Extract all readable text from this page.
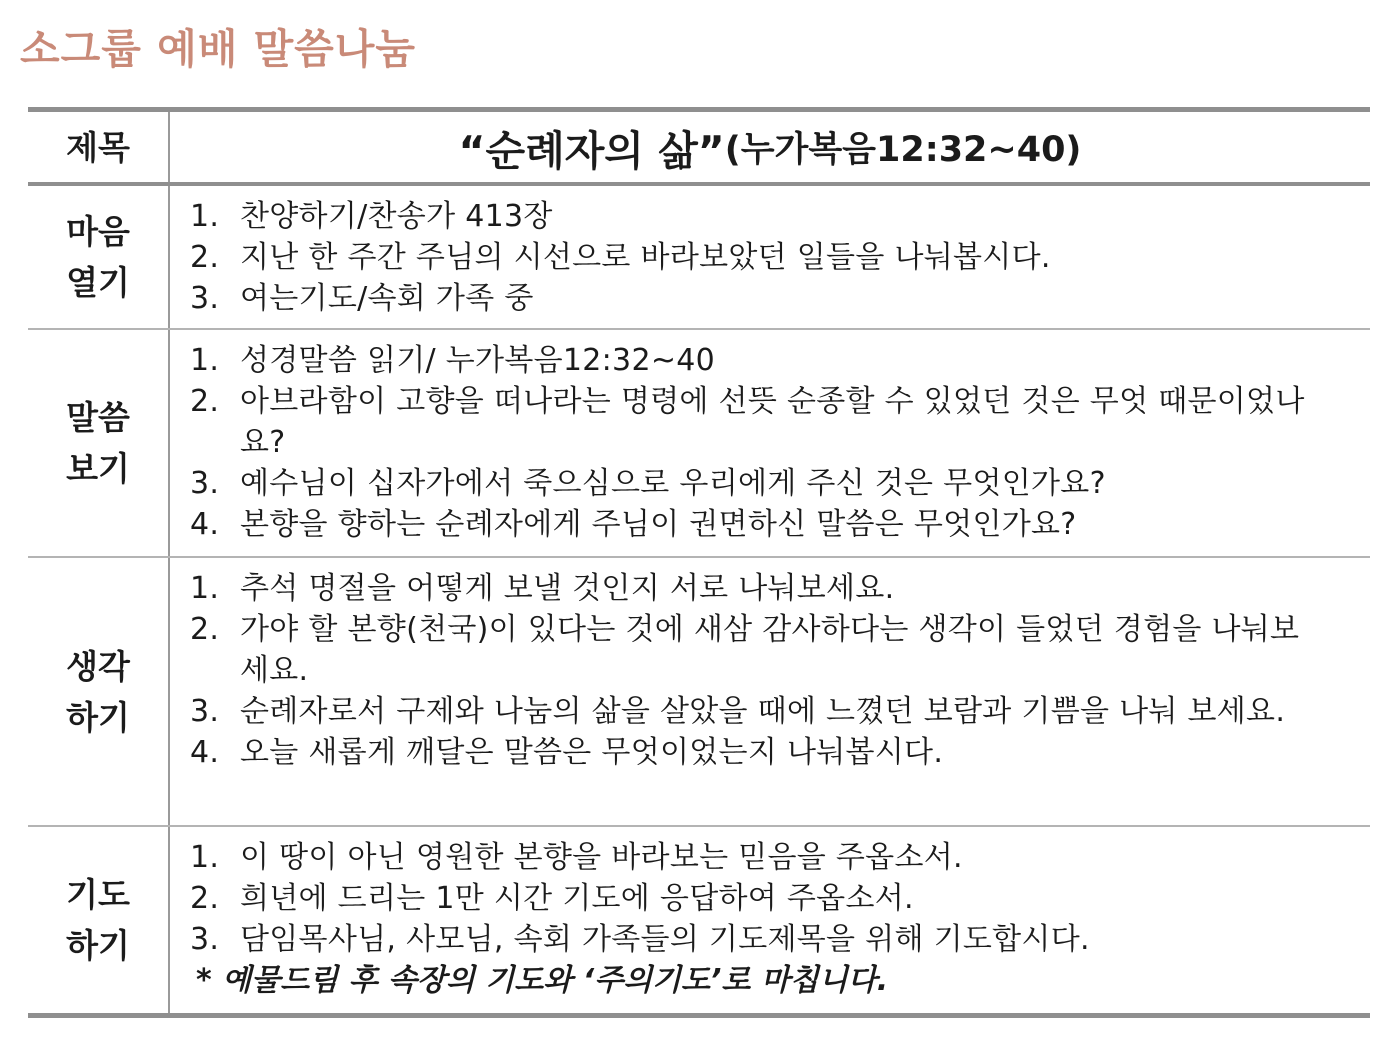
소그룹 예배 말씀나눔
제목	“순례자의 삶” (누가복음12:32~40)
마음
열기
1. 찬양하기/찬송가 413장
2. 지난 한 주간 주님의 시선으로 바라보았던 일들을 나눠봅시다.
3. 여는기도/속회 가족 중
말씀
보기
1. 성경말씀 읽기/ 누가복음12:32~40
2. 아브라함이 고향을 떠나라는 명령에 선뜻 순종할 수 있었던 것은 무엇 때문이었나요?
3. 예수님이 십자가에서 죽으심으로 우리에게 주신 것은 무엇인가요?
4. 본향을 향하는 순례자에게 주님이 권면하신 말씀은 무엇인가요?
생각
하기
1. 추석 명절을 어떻게 보낼 것인지 서로 나눠보세요.
2. 가야 할 본향(천국)이 있다는 것에 새삼 감사하다는 생각이 들었던 경험을 나눠보세요.
3. 순례자로서 구제와 나눔의 삶을 살았을 때에 느꼈던 보람과 기쁨을 나눠 보세요.
4. 오늘 새롭게 깨달은 말씀은 무엇이었는지 나눠봅시다.
기도
하기
1. 이 땅이 아닌 영원한 본향을 바라보는 믿음을 주옵소서.
2. 희년에 드리는 1만 시간 기도에 응답하여 주옵소서.
3. 담임목사님, 사모님, 속회 가족들의 기도제목을 위해 기도합시다.
* 예물드림 후 속장의 기도와 ‘주의기도’로 마칩니다.
